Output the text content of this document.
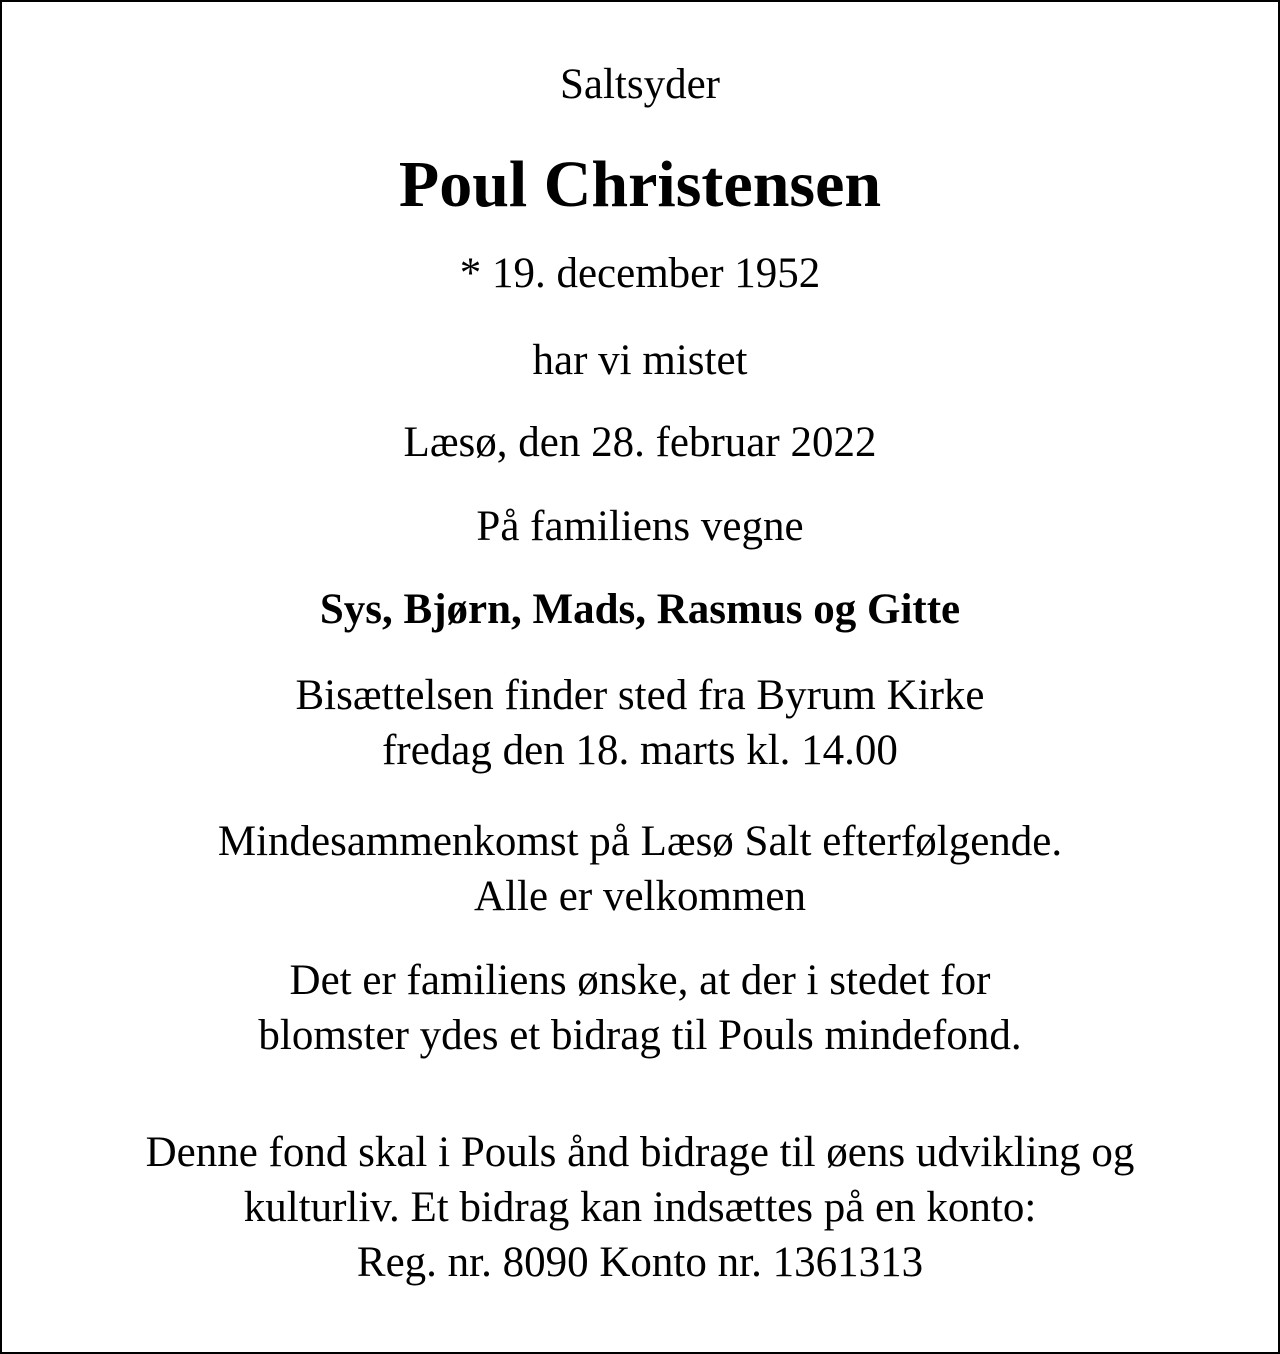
Saltsyder

Poul Christensen

* 19. december 1952

har vi mistet

Læsø, den 28. februar 2022

På familiens vegne

Sys, Bjørn, Mads, Rasmus og Gitte

Bisættelsen finder sted fra Byrum Kirke
fredag den 18. marts kl. 14.00
Mindesammenkomst på Læsø Salt efterfølgende.
Alle er velkommen
Det er familiens ønske, at der i stedet for
blomster ydes et bidrag til Pouls mindefond.
Denne fond skal i Pouls ånd bidrage til øens udvikling og
kulturliv. Et bidrag kan indsættes på en konto:
Reg. nr. 8090 Konto nr. 1361313
